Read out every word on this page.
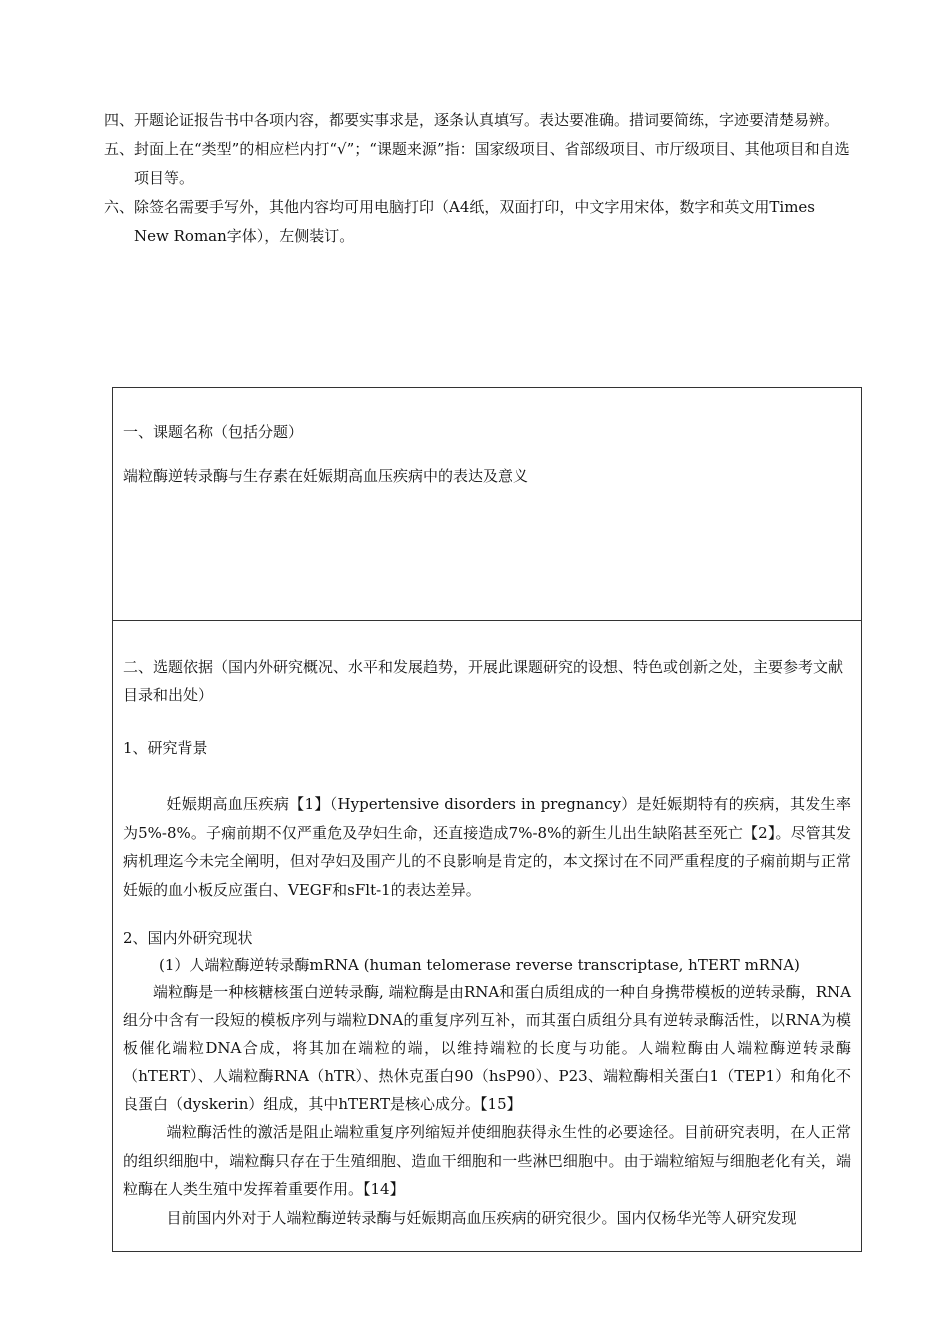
四、 开题论证报告书中各项内容，都要实事求是，逐条认真填写。表达要准确。措词要简练，字迹要清楚易辨。

五、 封面上在“类型”的相应栏内打“√”；“课题来源”指：国家级项目、省部级项目、市厅级项目、其他项目和自选项目等。

六、 除签名需要手写外，其他内容均可用电脑打印（A4纸，双面打印，中文字用宋体，数字和英文用Times New Roman字体），左侧装订。

一、课题名称（包括分题）

端粒酶逆转录酶与生存素在妊娠期高血压疾病中的表达及意义

二、选题依据（国内外研究概况、水平和发展趋势，开展此课题研究的设想、特色或创新之处，主要参考文献目录和出处）

1、研究背景

妊娠期高血压疾病【1】（Hypertensive disorders in pregnancy）是妊娠期特有的疾病，其发生率为5%-8%。子痫前期不仅严重危及孕妇生命，还直接造成7%-8%的新生儿出生缺陷甚至死亡【2】。尽管其发病机理迄今未完全阐明，但对孕妇及围产儿的不良影响是肯定的，本文探讨在不同严重程度的子痫前期与正常妊娠的血小板反应蛋白、VEGF和sFlt-1的表达差异。

2、国内外研究现状

(1）人端粒酶逆转录酶mRNA (human telomerase reverse transcriptase, hTERT mRNA)

端粒酶是一种核糖核蛋白逆转录酶, 端粒酶是由RNA和蛋白质组成的一种自身携带模板的逆转录酶，RNA组分中含有一段短的模板序列与端粒DNA的重复序列互补，而其蛋白质组分具有逆转录酶活性，以RNA为模板催化端粒DNA合成，将其加在端粒的端，以维持端粒的长度与功能。人端粒酶由人端粒酶逆转录酶（hTERT）、人端粒酶RNA（hTR）、热休克蛋白90（hsP90）、P23、端粒酶相关蛋白1（TEP1）和角化不良蛋白（dyskerin）组成，其中hTERT是核心成分。【15】

端粒酶活性的激活是阻止端粒重复序列缩短并使细胞获得永生性的必要途径。目前研究表明，在人正常的组织细胞中，端粒酶只存在于生殖细胞、造血干细胞和一些淋巴细胞中。由于端粒缩短与细胞老化有关，端粒酶在人类生殖中发挥着重要作用。【14】

目前国内外对于人端粒酶逆转录酶与妊娠期高血压疾病的研究很少。国内仅杨华光等人研究发现
